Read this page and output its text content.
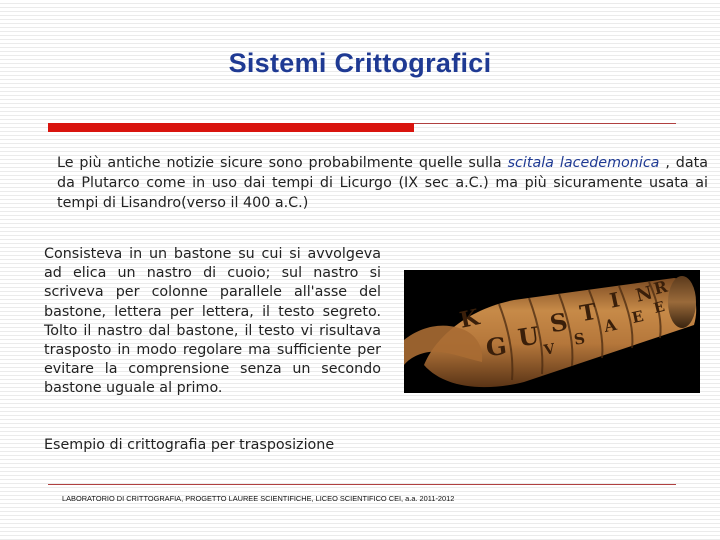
Sistemi Crittografici
Le più antiche notizie sicure sono probabilmente quelle sulla scitala lacedemonica , data da Plutarco come in uso dai tempi di Licurgo (IX sec a.C.) ma più sicuramente usata ai tempi di Lisandro(verso il 400 a.C.)
Consisteva in un bastone su cui si avvolgeva ad elica un nastro di cuoio; sul nastro si scriveva per colonne parallele all'asse del bastone, lettera per lettera, il testo segreto. Tolto il nastro dal bastone, il testo vi risultava trasposto in modo regolare ma sufficiente per evitare la comprensione senza un secondo bastone uguale al primo.
K
G U S T I N
R
A E
S
E
V
Esempio di crittografia per trasposizione
LABORATORIO DI CRITTOGRAFIA, PROGETTO LAUREE SCIENTIFICHE, LICEO SCIENTIFICO CEI, a.a. 2011-2012
